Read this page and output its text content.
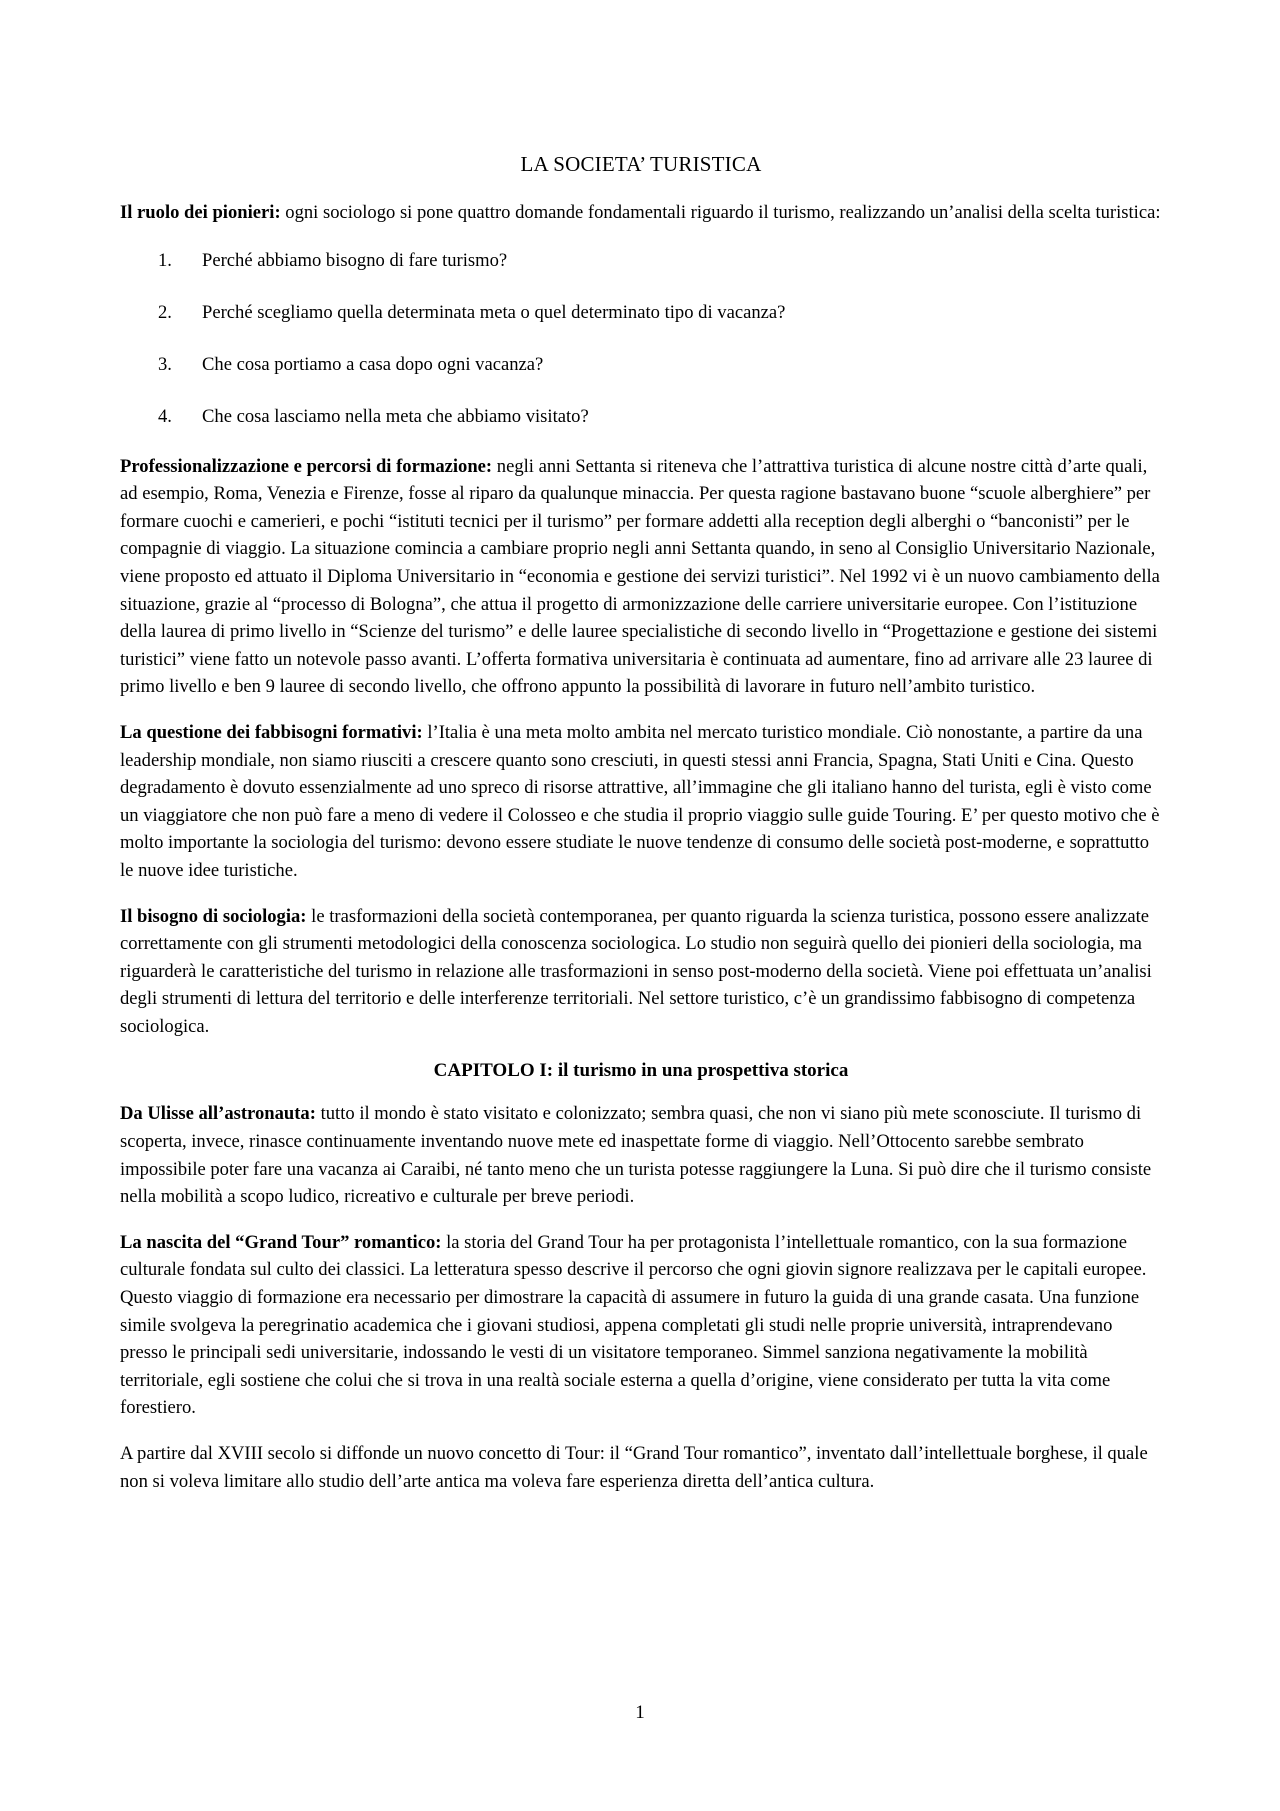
LA SOCIETA’ TURISTICA

Il ruolo dei pionieri: ogni sociologo si pone quattro domande fondamentali riguardo il turismo, realizzando un’analisi della scelta turistica:

1.	Perché abbiamo bisogno di fare turismo?
2.	Perché scegliamo quella determinata meta o quel determinato tipo di vacanza?
3.	Che cosa portiamo a casa dopo ogni vacanza?
4.	Che cosa lasciamo nella meta che abbiamo visitato?

Professionalizzazione e percorsi di formazione: negli anni Settanta si riteneva che l’attrattiva turistica di alcune nostre città d’arte quali, ad esempio, Roma, Venezia e Firenze, fosse al riparo da qualunque minaccia. Per questa ragione bastavano buone “scuole alberghiere” per formare cuochi e camerieri, e pochi “istituti tecnici per il turismo” per formare addetti alla reception degli alberghi o “banconisti” per le compagnie di viaggio. La situazione comincia a cambiare proprio negli anni Settanta quando, in seno al Consiglio Universitario Nazionale, viene proposto ed attuato il Diploma Universitario in “economia e gestione dei servizi turistici”. Nel 1992 vi è un nuovo cambiamento della situazione, grazie al “processo di Bologna”, che attua il progetto di armonizzazione delle carriere universitarie europee. Con l’istituzione della laurea di primo livello in “Scienze del turismo” e delle lauree specialistiche di secondo livello in “Progettazione e gestione dei sistemi turistici” viene fatto un notevole passo avanti. L’offerta formativa universitaria è continuata ad aumentare, fino ad arrivare alle 23 lauree di primo livello e ben 9 lauree di secondo livello, che offrono appunto la possibilità di lavorare in futuro nell’ambito turistico.

La questione dei fabbisogni formativi: l’Italia è una meta molto ambita nel mercato turistico mondiale. Ciò nonostante, a partire da una leadership mondiale, non siamo riusciti a crescere quanto sono cresciuti, in questi stessi anni Francia, Spagna, Stati Uniti e Cina. Questo degradamento è dovuto essenzialmente ad uno spreco di risorse attrattive, all’immagine che gli italiano hanno del turista, egli è visto come un viaggiatore che non può fare a meno di vedere il Colosseo e che studia il proprio viaggio sulle guide Touring. E’ per questo motivo che è molto importante la sociologia del turismo: devono essere studiate le nuove tendenze di consumo delle società post-moderne, e soprattutto le nuove idee turistiche.

Il bisogno di sociologia: le trasformazioni della società contemporanea, per quanto riguarda la scienza turistica, possono essere analizzate correttamente con gli strumenti metodologici della conoscenza sociologica. Lo studio non seguirà quello dei pionieri della sociologia, ma riguarderà le caratteristiche del turismo in relazione alle trasformazioni in senso post-moderno della società. Viene poi effettuata un’analisi degli strumenti di lettura del territorio e delle interferenze territoriali. Nel settore turistico, c’è un grandissimo fabbisogno di competenza sociologica.

CAPITOLO I: il turismo in una prospettiva storica

Da Ulisse all’astronauta: tutto il mondo è stato visitato e colonizzato; sembra quasi, che non vi siano più mete sconosciute. Il turismo di scoperta, invece, rinasce continuamente inventando nuove mete ed inaspettate forme di viaggio. Nell’Ottocento sarebbe sembrato impossibile poter fare una vacanza ai Caraibi, né tanto meno che un turista potesse raggiungere la Luna. Si può dire che il turismo consiste nella mobilità a scopo ludico, ricreativo e culturale per breve periodi.

La nascita del “Grand Tour” romantico: la storia del Grand Tour ha per protagonista l’intellettuale romantico, con la sua formazione culturale fondata sul culto dei classici. La letteratura spesso descrive il percorso che ogni giovin signore realizzava per le capitali europee. Questo viaggio di formazione era necessario per dimostrare la capacità di assumere in futuro la guida di una grande casata. Una funzione simile svolgeva la peregrinatio academica che i giovani studiosi, appena completati gli studi nelle proprie università, intraprendevano presso le principali sedi universitarie, indossando le vesti di un visitatore temporaneo. Simmel sanziona negativamente la mobilità territoriale, egli sostiene che colui che si trova in una realtà sociale esterna a quella d’origine, viene considerato per tutta la vita come forestiero.

A partire dal XVIII secolo si diffonde un nuovo concetto di Tour: il “Grand Tour romantico”, inventato dall’intellettuale borghese, il quale non si voleva limitare allo studio dell’arte antica ma voleva fare esperienza diretta dell’antica cultura.

1
